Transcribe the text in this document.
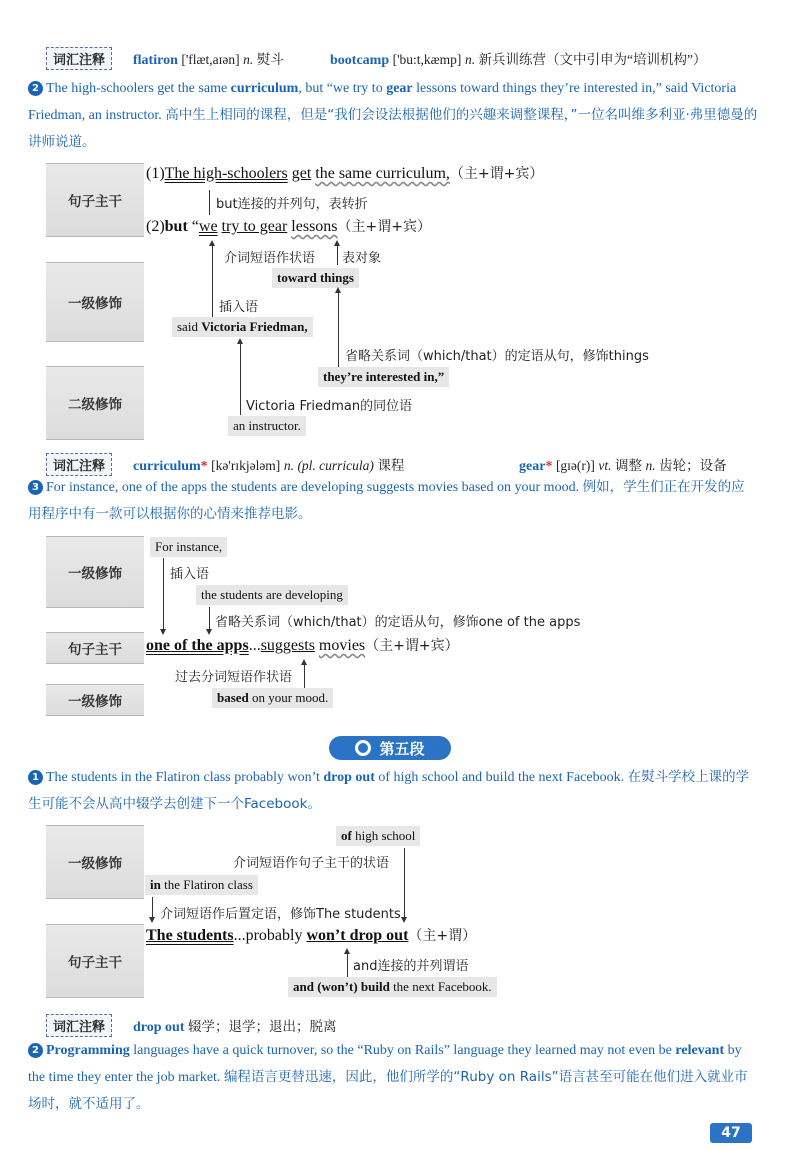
词汇注释	flatiron ['flæt,aɪən] n. 熨斗	bootcamp ['bu:t,kæmp] n. 新兵训练营（文中引申为“培训机构”）
2 The high-schoolers get the same curriculum, but “we try to gear lessons toward things they’re interested in,” said Victoria Friedman, an instructor. 高中生上相同的课程，但是“我们会设法根据他们的兴趣来调整课程，”一位名叫维多利亚·弗里德曼的讲师说道。
句子主干
一级修饰
二级修饰
(1)The high-schoolers get the same curriculum,（主+谓+宾）
but连接的并列句，表转折
(2)but “we try to gear lessons（主+谓+宾）
介词短语作状语 表对象
toward things
插入语
said Victoria Friedman,
省略关系词（which/that）的定语从句，修饰things
they’re interested in,”
Victoria Friedman的同位语
an instructor.
词汇注释	curriculum* [kə'rɪkjələm] n. (pl. curricula) 课程	gear* [gɪə(r)] vt. 调整 n. 齿轮；设备
3 For instance, one of the apps the students are developing suggests movies based on your mood. 例如，学生们正在开发的应用程序中有一款可以根据你的心情来推荐电影。
一级修饰
句子主干
一级修饰
For instance,
插入语
the students are developing
省略关系词（which/that）的定语从句，修饰one of the apps
one of the apps...suggests movies（主+谓+宾）
过去分词短语作状语
based on your mood.
第五段
1 The students in the Flatiron class probably won’t drop out of high school and build the next Facebook. 在熨斗学校上课的学生可能不会从高中辍学去创建下一个Facebook。
一级修饰
句子主干
of high school
介词短语作句子主干的状语
in the Flatiron class
介词短语作后置定语，修饰The students
The students...probably won’t drop out（主+谓）
and连接的并列谓语
and (won’t) build the next Facebook.
词汇注释	drop out 辍学；退学；退出；脱离
2 Programming languages have a quick turnover, so the “Ruby on Rails” language they learned may not even be relevant by the time they enter the job market. 编程语言更替迅速，因此，他们所学的“Ruby on Rails”语言甚至可能在他们进入就业市场时，就不适用了。
47
